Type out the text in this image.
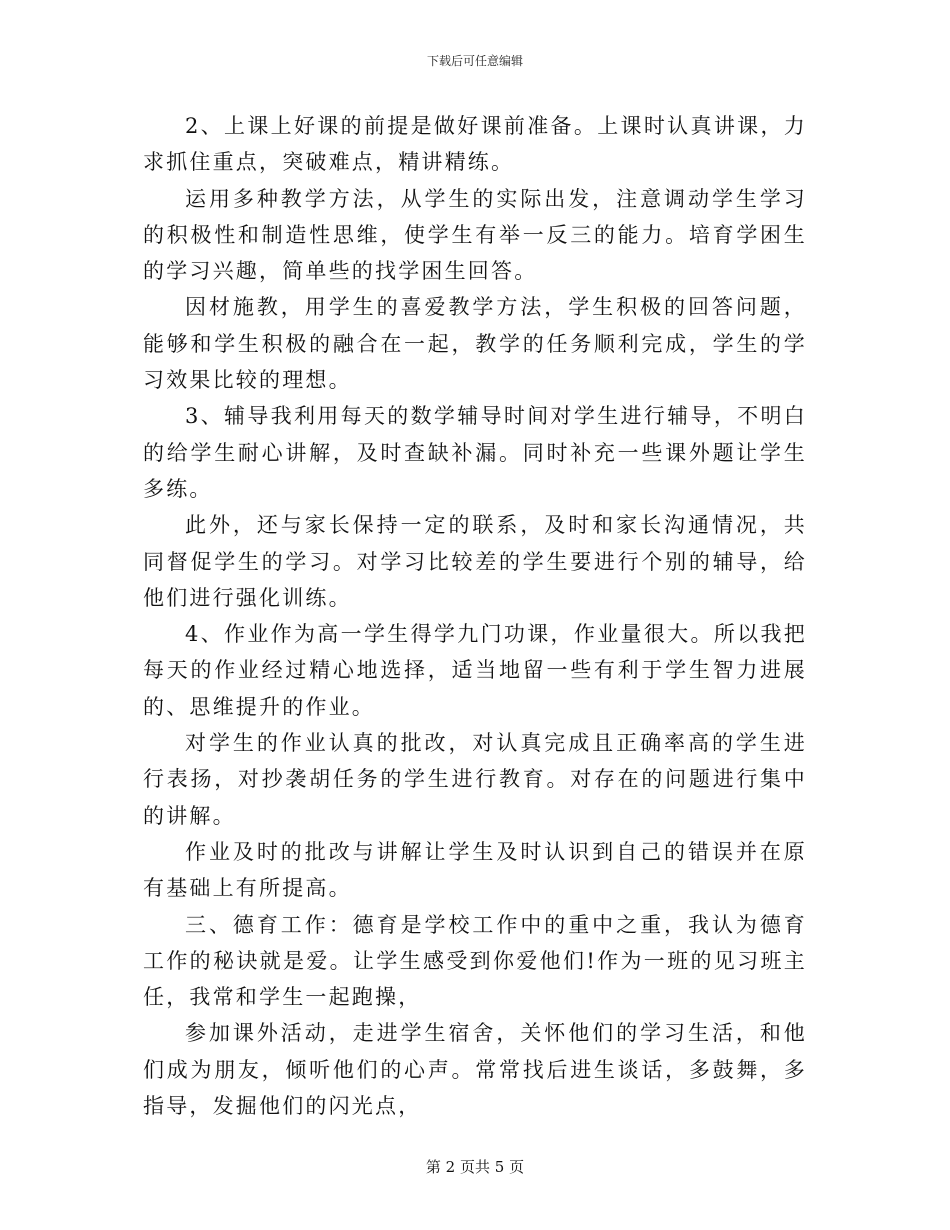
下载后可任意编辑

2、上课上好课的前提是做好课前准备。上课时认真讲课，力求抓住重点，突破难点，精讲精练。

运用多种教学方法，从学生的实际出发，注意调动学生学习的积极性和制造性思维，使学生有举一反三的能力。培育学困生的学习兴趣，简单些的找学困生回答。

因材施教，用学生的喜爱教学方法，学生积极的回答问题，能够和学生积极的融合在一起，教学的任务顺利完成，学生的学习效果比较的理想。

3、辅导我利用每天的数学辅导时间对学生进行辅导，不明白的给学生耐心讲解，及时查缺补漏。同时补充一些课外题让学生多练。

此外，还与家长保持一定的联系，及时和家长沟通情况，共同督促学生的学习。对学习比较差的学生要进行个别的辅导，给他们进行强化训练。

4、作业作为高一学生得学九门功课，作业量很大。所以我把每天的作业经过精心地选择，适当地留一些有利于学生智力进展的、思维提升的作业。

对学生的作业认真的批改，对认真完成且正确率高的学生进行表扬，对抄袭胡任务的学生进行教育。对存在的问题进行集中的讲解。

作业及时的批改与讲解让学生及时认识到自己的错误并在原有基础上有所提高。

三、德育工作：德育是学校工作中的重中之重，我认为德育工作的秘诀就是爱。让学生感受到你爱他们!作为一班的见习班主任，我常和学生一起跑操，

参加课外活动，走进学生宿舍，关怀他们的学习生活，和他们成为朋友，倾听他们的心声。常常找后进生谈话，多鼓舞，多指导，发掘他们的闪光点，

第 2 页共 5 页
